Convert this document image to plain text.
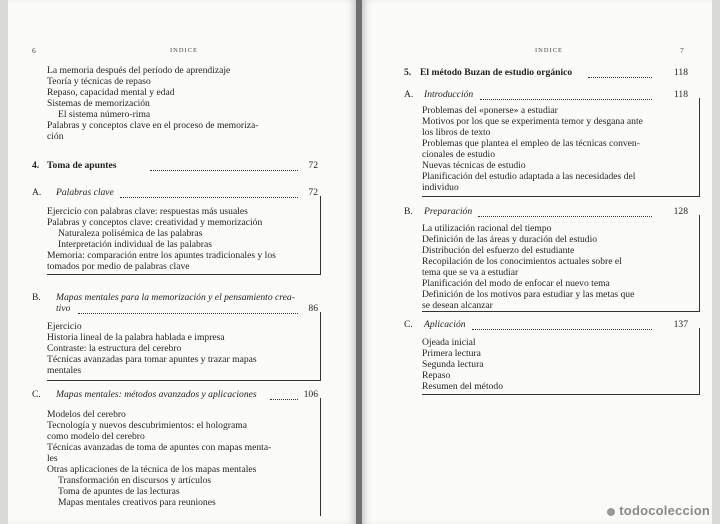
6	INDICE
La memoria después del período de aprendizaje
Teoría y técnicas de repaso
Repaso, capacidad mental y edad
Sistemas de memorización
El sistema número-rima
Palabras y conceptos clave en el proceso de memoriza-
ción
4. Toma de apuntes	72
A. Palabras clave	72
Ejercicio con palabras clave: respuestas más usuales
Palabras y conceptos clave: creatividad y memorización
Naturaleza polisémica de las palabras
Interpretación individual de las palabras
Memoria: comparación entre los apuntes tradicionales y los
tomados por medio de palabras clave
B. Mapas mentales para la memorización y el pensamiento crea-
tivo	86
Ejercicio
Historia lineal de la palabra hablada e impresa
Contraste: la estructura del cerebro
Técnicas avanzadas para tomar apuntes y trazar mapas
mentales
C. Mapas mentales: métodos avanzados y aplicaciones	106
Modelos del cerebro
Tecnología y nuevos descubrimientos: el holograma
como modelo del cerebro
Técnicas avanzadas de toma de apuntes con mapas menta-
les
Otras aplicaciones de la técnica de los mapas mentales
Transformación en discursos y artículos
Toma de apuntes de las lecturas
Mapas mentales creativos para reuniones
INDICE	7
5. El método Buzan de estudio orgánico	118
A. Introducción	118
Problemas del «ponerse» a estudiar
Motivos por los que se experimenta temor y desgana ante
los libros de texto
Problemas que plantea el empleo de las técnicas conven-
cionales de estudio
Nuevas técnicas de estudio
Planificación del estudio adaptada a las necesidades del
individuo
B. Preparación	128
La utilización racional del tiempo
Definición de las áreas y duración del estudio
Distribución del esfuerzo del estudiante
Recopilación de los conocimientos actuales sobre el
tema que se va a estudiar
Planificación del modo de enfocar el nuevo tema
Definición de los motivos para estudiar y las metas que
se desean alcanzar
C. Aplicación	137
Ojeada inicial
Primera lectura
Segunda lectura
Repaso
Resumen del método
todocoleccion
